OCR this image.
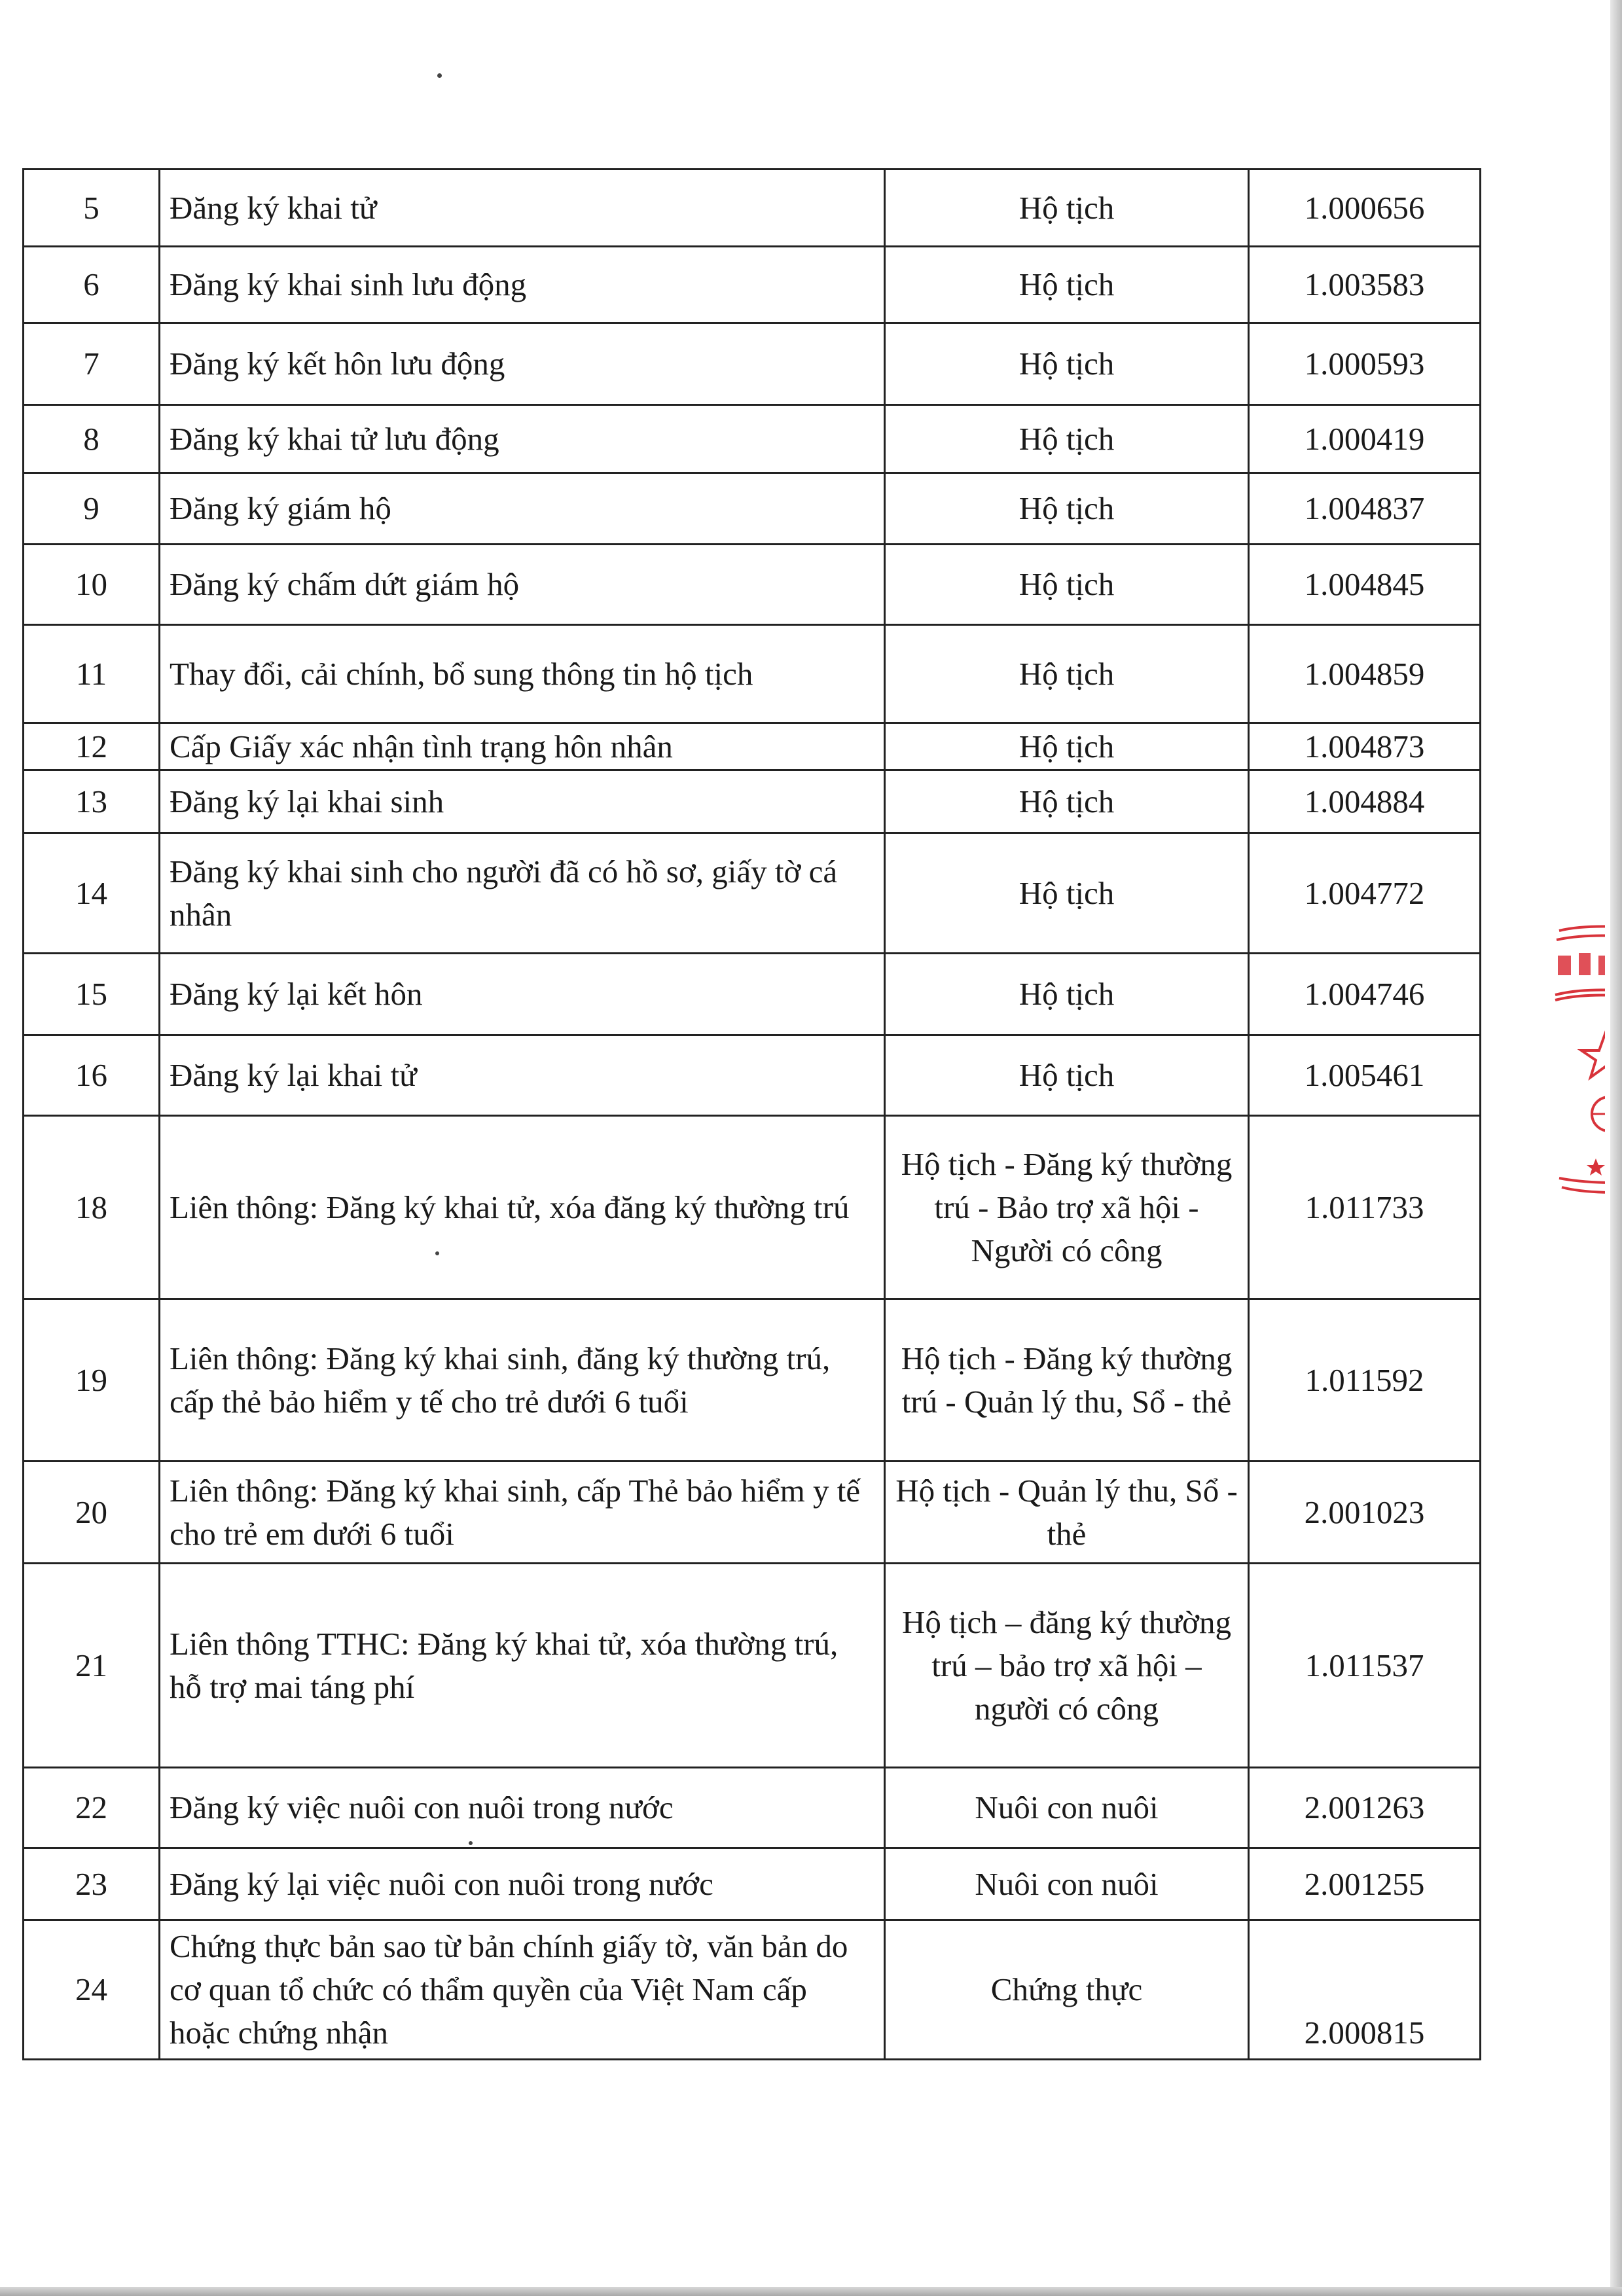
5	Đăng ký khai tử	Hộ tịch	1.000656
6	Đăng ký khai sinh lưu động	Hộ tịch	1.003583
7	Đăng ký kết hôn lưu động	Hộ tịch	1.000593
8	Đăng ký khai tử lưu động	Hộ tịch	1.000419
9	Đăng ký giám hộ	Hộ tịch	1.004837
10	Đăng ký chấm dứt giám hộ	Hộ tịch	1.004845
11	Thay đổi, cải chính, bổ sung thông tin hộ tịch	Hộ tịch	1.004859
12	Cấp Giấy xác nhận tình trạng hôn nhân	Hộ tịch	1.004873
13	Đăng ký lại khai sinh	Hộ tịch	1.004884
14	Đăng ký khai sinh cho người đã có hồ sơ, giấy tờ cá nhân	Hộ tịch	1.004772
15	Đăng ký lại kết hôn	Hộ tịch	1.004746
16	Đăng ký lại khai tử	Hộ tịch	1.005461
18	Liên thông: Đăng ký khai tử, xóa đăng ký thường trú	Hộ tịch - Đăng ký thường trú - Bảo trợ xã hội - Người có công	1.011733
19	Liên thông: Đăng ký khai sinh, đăng ký thường trú, cấp thẻ bảo hiểm y tế cho trẻ dưới 6 tuổi	Hộ tịch - Đăng ký thường trú - Quản lý thu, Sổ - thẻ	1.011592
20	Liên thông: Đăng ký khai sinh, cấp Thẻ bảo hiểm y tế cho trẻ em dưới 6 tuổi	Hộ tịch - Quản lý thu, Sổ - thẻ	2.001023
21	Liên thông TTHC: Đăng ký khai tử, xóa thường trú, hỗ trợ mai táng phí	Hộ tịch – đăng ký thường trú – bảo trợ xã hội – người có công	1.011537
22	Đăng ký việc nuôi con nuôi trong nước	Nuôi con nuôi	2.001263
23	Đăng ký lại việc nuôi con nuôi trong nước	Nuôi con nuôi	2.001255
24	Chứng thực bản sao từ bản chính giấy tờ, văn bản do cơ quan tổ chức có thẩm quyền của Việt Nam cấp hoặc chứng nhận	Chứng thực	2.000815
